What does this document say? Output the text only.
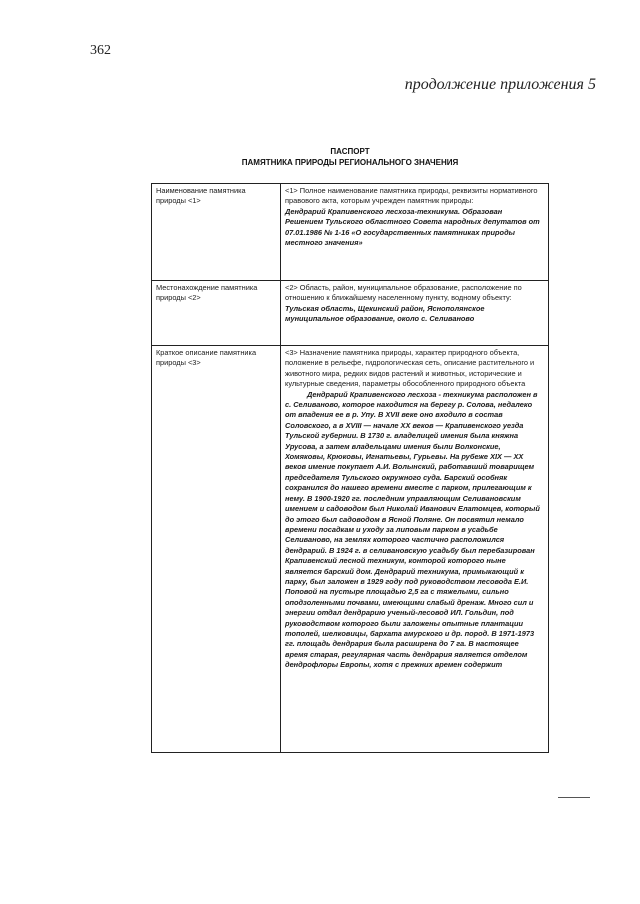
362
продолжение приложения 5
ПАСПОРТ
ПАМЯТНИКА ПРИРОДЫ РЕГИОНАЛЬНОГО ЗНАЧЕНИЯ
Наименование памятника природы <1>	<1> Полное наименование памятника природы, реквизиты нормативного правового акта, которым учрежден памятник природы:
Дендрарий Крапивенского лесхоза-техникума. Образован Решением Тульского областного Совета народных депутатов от 07.01.1986 № 1-16 «О государственных памятниках природы местного значения»

Местонахождение памятника природы <2>	<2> Область, район, муниципальное образование, расположение по отношению к ближайшему населенному пункту, водному объекту:
Тульская область, Щекинский район, Яснополянское муниципальное образование, около с. Селиваново

Краткое описание памятника природы <3>	<3> Назначение памятника природы, характер природного объекта, положение в рельефе, гидрологическая сеть, описание растительного и животного мира, редких видов растений и животных, исторические и культурные сведения, параметры обособленного природного объекта
Дендрарий Крапивенского лесхоза - техникума расположен в с. Селиваново, которое находится на берегу р. Солова, недалеко от впадения ее в р. Упу. В XVII веке оно входило в состав Соловского, а в XVIII — начале XX веков — Крапивенского уезда Тульской губернии. В 1730 г. владелицей имения была княжна Урусова, а затем владельцами имения были Волконские, Хомяковы, Крюковы, Игнатьевы, Гурьевы. На рубеже XIX — XX веков имение покупает А.И. Волынский, работавший товарищем председателя Тульского окружного суда. Барский особняк сохранился до нашего времени вместе с парком, прилегающим к нему. В 1900-1920 гг. последним управляющим Селивановским имением и садоводом был Николай Иванович Елатомцев, который до этого был садоводом в Ясной Поляне. Он посвятил немало времени посадкам и уходу за липовым парком в усадьбе Селиваново, на землях которого частично расположился дендрарий. В 1924 г. в селивановскую усадьбу был перебазирован Крапивенский лесной техникум, конторой которого ныне является барский дом. Дендрарий техникума, примыкающий к парку, был заложен в 1929 году под руководством лесовода Е.И. Поповой на пустыре площадью 2,5 га с тяжелыми, сильно оподзоленными почвами, имеющими слабый дренаж. Много сил и энергии отдал дендрарию ученый-лесовод ИЛ. Гольдин, под руководством которого были заложены опытные плантации тополей, шелковицы, бархата амурского и др. пород. В 1971-1973 гг. площадь дендрария была расширена до 7 га. В настоящее время старая, регулярная часть дендрария является отделом дендрофлоры Европы, хотя с прежних времен содержит
